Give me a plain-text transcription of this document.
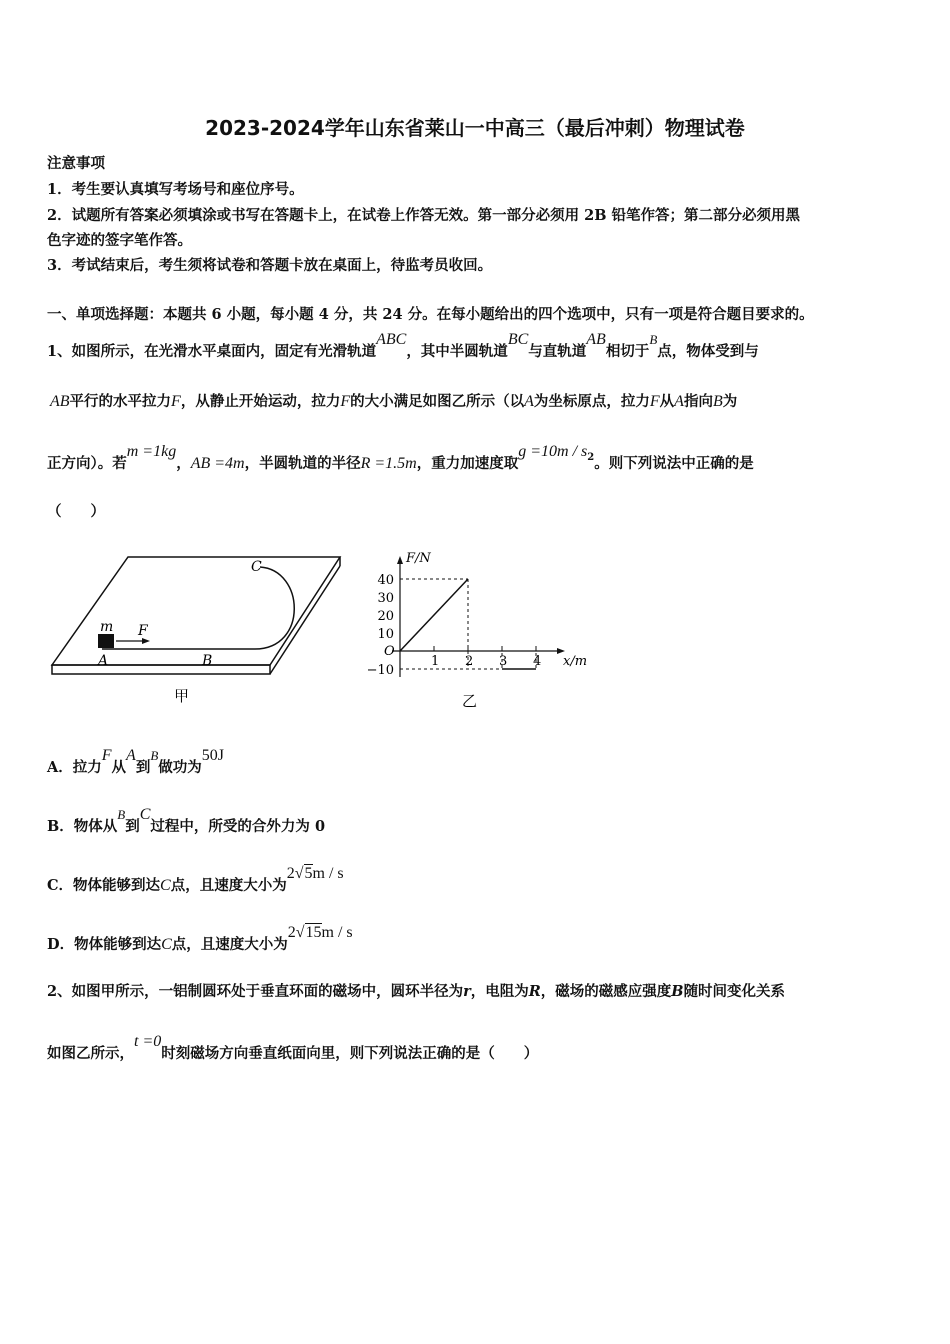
2023-2024学年山东省莱山一中高三（最后冲刺）物理试卷
注意事项
1．考生要认真填写考场号和座位序号。
2．试题所有答案必须填涂或书写在答题卡上，在试卷上作答无效。第一部分必须用 2B 铅笔作答；第二部分必须用黑
色字迹的签字笔作答。
3．考试结束后，考生须将试卷和答题卡放在桌面上，待监考员收回。
一、单项选择题：本题共 6 小题，每小题 4 分，共 24 分。在每小题给出的四个选项中，只有一项是符合题目要求的。
1、如图所示，在光滑水平桌面内，固定有光滑轨道ABC，其中半圆轨道BC与直轨道AB相切于B点，物体受到与
AB平行的水平拉力F，从静止开始运动，拉力F的大小满足如图乙所示（以A为坐标原点，拉力F从A指向B为
正方向）。若m =1kg，AB =4m，半圆轨道的半径R =1.5m，重力加速度取$g =10m / s^2$。则下列说法中正确的是
（　　）
m F
A	B
C
甲
x/m
F/N
O
乙
40
30
20
10
−10
1 2 3 4
A．拉力F从A到B做功为50J
B．物体从B到C过程中，所受的合外力为 0
C．物体能够到达C点，且速度大小为2√5m / s
D．物体能够到达C点，且速度大小为2√15m / s
2、如图甲所示，一铝制圆环处于垂直环面的磁场中，圆环半径为r，电阻为R，磁场的磁感应强度B随时间变化关系
如图乙所示，t =0时刻磁场方向垂直纸面向里，则下列说法正确的是（　　）
